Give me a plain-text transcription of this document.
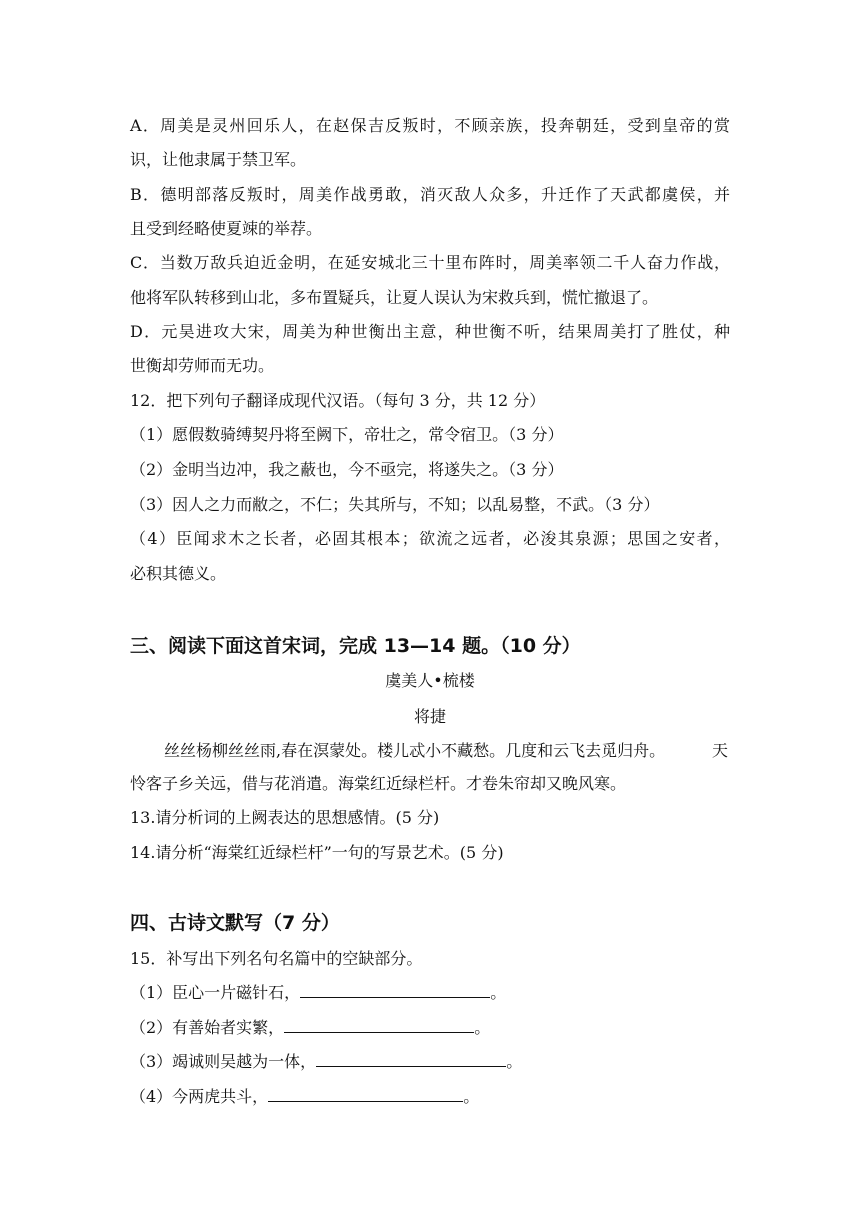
A．周美是灵州回乐人，在赵保吉反叛时，不顾亲族，投奔朝廷，受到皇帝的赏
识，让他隶属于禁卫军。
B．德明部落反叛时，周美作战勇敢，消灭敌人众多，升迁作了天武都虞侯，并
且受到经略使夏竦的举荐。
C．当数万敌兵迫近金明，在延安城北三十里布阵时，周美率领二千人奋力作战，
他将军队转移到山北，多布置疑兵，让夏人误认为宋救兵到，慌忙撤退了。
D．元昊进攻大宋，周美为种世衡出主意，种世衡不听，结果周美打了胜仗，种
世衡却劳师而无功。
12．把下列句子翻译成现代汉语。（每句 3 分，共 12 分）
（1）愿假数骑缚契丹将至阙下，帝壮之，常令宿卫。（3 分）
（2）金明当边冲，我之蔽也，今不亟完，将遂失之。（3 分）
（3）因人之力而敝之，不仁；失其所与，不知；以乱易整，不武。（3 分）
（4）臣闻求木之长者，必固其根本；欲流之远者，必浚其泉源；思国之安者，
必积其德义。
三、阅读下面这首宋词，完成 13—14 题。（10 分）
虞美人•梳楼
将捷
丝丝杨柳丝丝雨,春在溟蒙处。楼儿忒小不藏愁。几度和云飞去觅归舟。	天
怜客子乡关远，借与花消遣。海棠红近绿栏杆。才卷朱帘却又晚风寒。
13.请分析词的上阙表达的思想感情。(5 分)
14.请分析“海棠红近绿栏杆”一句的写景艺术。(5 分)
四、古诗文默写（7 分）
15．补写出下列名句名篇中的空缺部分。
（1）臣心一片磁针石，	。
（2）有善始者实繁，	。
（3）竭诚则吴越为一体，	。
（4）今两虎共斗，	。
